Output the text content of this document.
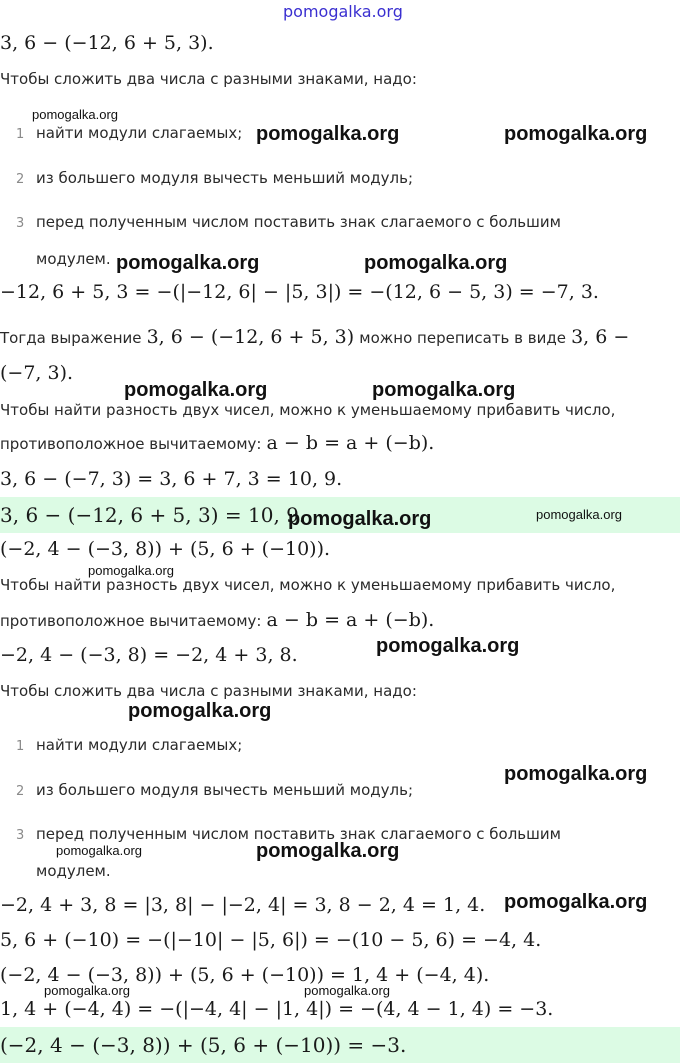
pomogalka.org
3, 6 − (−12, 6 + 5, 3).
Чтобы сложить два числа с разными знаками, надо:
1 найти модули слагаемых;
2 из большего модуля вычесть меньший модуль;
3 перед полученным числом поставить знак слагаемого с большим
модулем.
−12, 6 + 5, 3 = −(|−12, 6| − |5, 3|) = −(12, 6 − 5, 3) = −7, 3.
Тогда выражение 3, 6 − (−12, 6 + 5, 3) можно переписать в виде 3, 6 −
(−7, 3).
Чтобы найти разность двух чисел, можно к уменьшаемому прибавить число,
противоположное вычитаемому: a − b = a + (−b).
3, 6 − (−7, 3) = 3, 6 + 7, 3 = 10, 9.
3, 6 − (−12, 6 + 5, 3) = 10, 9.
(−2, 4 − (−3, 8)) + (5, 6 + (−10)).
Чтобы найти разность двух чисел, можно к уменьшаемому прибавить число,
противоположное вычитаемому: a − b = a + (−b).
−2, 4 − (−3, 8) = −2, 4 + 3, 8.
Чтобы сложить два числа с разными знаками, надо:
1 найти модули слагаемых;
2 из большего модуля вычесть меньший модуль;
3 перед полученным числом поставить знак слагаемого с большим
модулем.
−2, 4 + 3, 8 = |3, 8| − |−2, 4| = 3, 8 − 2, 4 = 1, 4.
5, 6 + (−10) = −(|−10| − |5, 6|) = −(10 − 5, 6) = −4, 4.
(−2, 4 − (−3, 8)) + (5, 6 + (−10)) = 1, 4 + (−4, 4).
1, 4 + (−4, 4) = −(|−4, 4| − |1, 4|) = −(4, 4 − 1, 4) = −3.
(−2, 4 − (−3, 8)) + (5, 6 + (−10)) = −3.
pomogalka.org
pomogalka.org	pomogalka.org
pomogalka.org	pomogalka.org
pomogalka.org	pomogalka.org
pomogalka.org	pomogalka.org
pomogalka.org
pomogalka.org
pomogalka.org
pomogalka.org
pomogalka.org	pomogalka.org
pomogalka.org
pomogalka.org	pomogalka.org
